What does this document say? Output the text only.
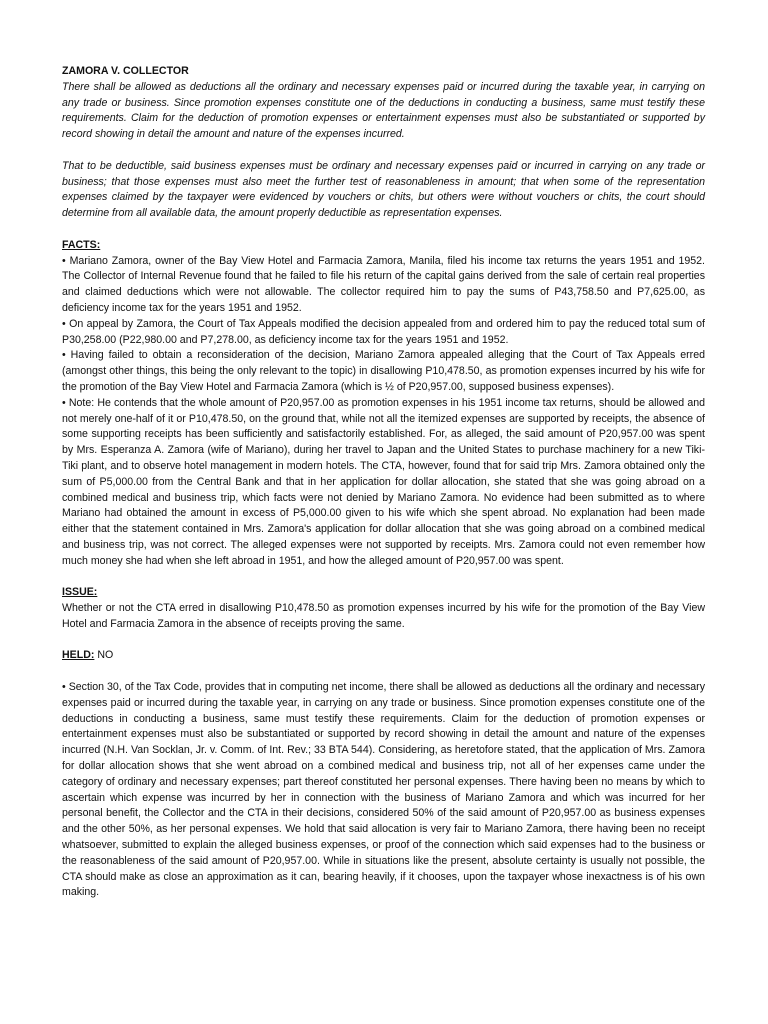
ZAMORA V. COLLECTOR

There shall be allowed as deductions all the ordinary and necessary expenses paid or incurred during the taxable year, in carrying on any trade or business. Since promotion expenses constitute one of the deductions in conducting a business, same must testify these requirements. Claim for the deduction of promotion expenses or entertainment expenses must also be substantiated or supported by record showing in detail the amount and nature of the expenses incurred.

That to be deductible, said business expenses must be ordinary and necessary expenses paid or incurred in carrying on any trade or business; that those expenses must also meet the further test of reasonableness in amount; that when some of the representation expenses claimed by the taxpayer were evidenced by vouchers or chits, but others were without vouchers or chits, the court should determine from all available data, the amount properly deductible as representation expenses.

FACTS:

• Mariano Zamora, owner of the Bay View Hotel and Farmacia Zamora, Manila, filed his income tax returns the years 1951 and 1952. The Collector of Internal Revenue found that he failed to file his return of the capital gains derived from the sale of certain real properties and claimed deductions which were not allowable. The collector required him to pay the sums of P43,758.50 and P7,625.00, as deficiency income tax for the years 1951 and 1952.

• On appeal by Zamora, the Court of Tax Appeals modified the decision appealed from and ordered him to pay the reduced total sum of P30,258.00 (P22,980.00 and P7,278.00, as deficiency income tax for the years 1951 and 1952.

• Having failed to obtain a reconsideration of the decision, Mariano Zamora appealed alleging that the Court of Tax Appeals erred (amongst other things, this being the only relevant to the topic) in disallowing P10,478.50, as promotion expenses incurred by his wife for the promotion of the Bay View Hotel and Farmacia Zamora (which is ½ of P20,957.00, supposed business expenses).

• Note: He contends that the whole amount of P20,957.00 as promotion expenses in his 1951 income tax returns, should be allowed and not merely one-half of it or P10,478.50, on the ground that, while not all the itemized expenses are supported by receipts, the absence of some supporting receipts has been sufficiently and satisfactorily established. For, as alleged, the said amount of P20,957.00 was spent by Mrs. Esperanza A. Zamora (wife of Mariano), during her travel to Japan and the United States to purchase machinery for a new Tiki-Tiki plant, and to observe hotel management in modern hotels. The CTA, however, found that for said trip Mrs. Zamora obtained only the sum of P5,000.00 from the Central Bank and that in her application for dollar allocation, she stated that she was going abroad on a combined medical and business trip, which facts were not denied by Mariano Zamora. No evidence had been submitted as to where Mariano had obtained the amount in excess of P5,000.00 given to his wife which she spent abroad. No explanation had been made either that the statement contained in Mrs. Zamora's application for dollar allocation that she was going abroad on a combined medical and business trip, was not correct. The alleged expenses were not supported by receipts. Mrs. Zamora could not even remember how much money she had when she left abroad in 1951, and how the alleged amount of P20,957.00 was spent.

ISSUE:

Whether or not the CTA erred in disallowing P10,478.50 as promotion expenses incurred by his wife for the promotion of the Bay View Hotel and Farmacia Zamora in the absence of receipts proving the same.

HELD: NO

• Section 30, of the Tax Code, provides that in computing net income, there shall be allowed as deductions all the ordinary and necessary expenses paid or incurred during the taxable year, in carrying on any trade or business. Since promotion expenses constitute one of the deductions in conducting a business, same must testify these requirements. Claim for the deduction of promotion expenses or entertainment expenses must also be substantiated or supported by record showing in detail the amount and nature of the expenses incurred (N.H. Van Socklan, Jr. v. Comm. of Int. Rev.; 33 BTA 544). Considering, as heretofore stated, that the application of Mrs. Zamora for dollar allocation shows that she went abroad on a combined medical and business trip, not all of her expenses came under the category of ordinary and necessary expenses; part thereof constituted her personal expenses. There having been no means by which to ascertain which expense was incurred by her in connection with the business of Mariano Zamora and which was incurred for her personal benefit, the Collector and the CTA in their decisions, considered 50% of the said amount of P20,957.00 as business expenses and the other 50%, as her personal expenses. We hold that said allocation is very fair to Mariano Zamora, there having been no receipt whatsoever, submitted to explain the alleged business expenses, or proof of the connection which said expenses had to the business or the reasonableness of the said amount of P20,957.00. While in situations like the present, absolute certainty is usually not possible, the CTA should make as close an approximation as it can, bearing heavily, if it chooses, upon the taxpayer whose inexactness is of his own making.
